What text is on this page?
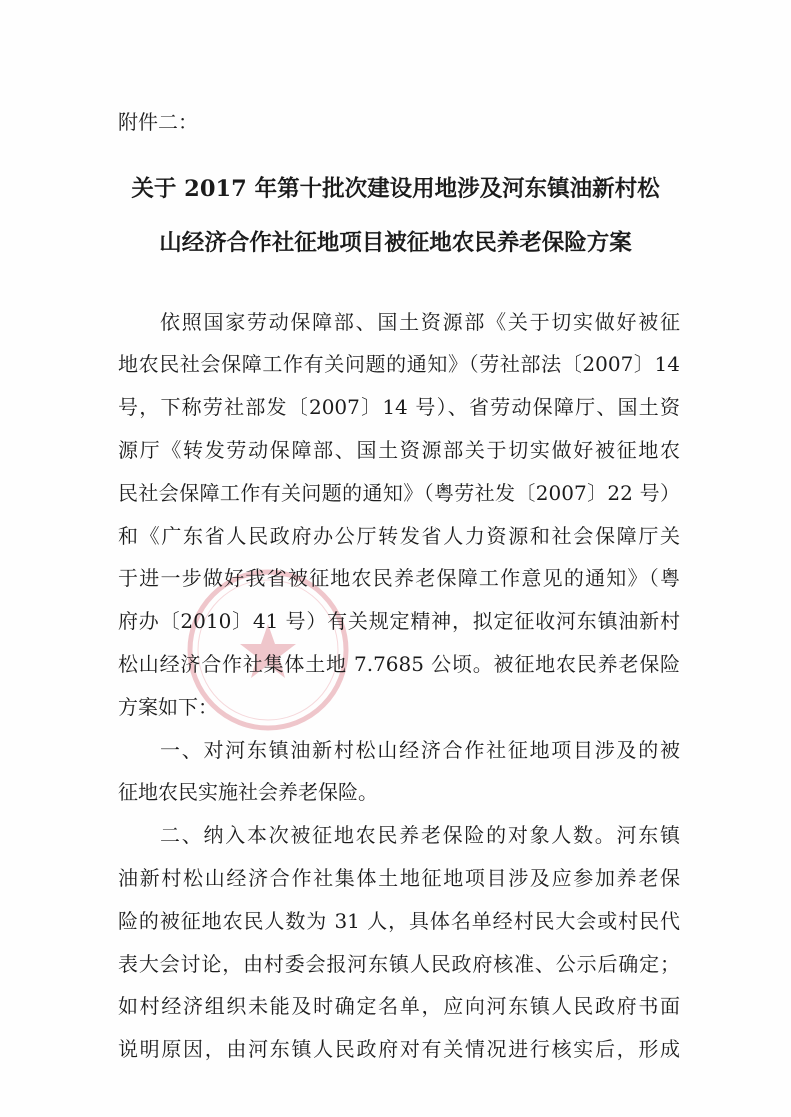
附件二：
关于 2017 年第十批次建设用地涉及河东镇油新村松
山经济合作社征地项目被征地农民养老保险方案
依照国家劳动保障部、国土资源部《关于切实做好被征
地农民社会保障工作有关问题的通知》（劳社部法〔2007〕14
号，下称劳社部发〔2007〕14 号）、省劳动保障厅、国土资
源厅《转发劳动保障部、国土资源部关于切实做好被征地农
民社会保障工作有关问题的通知》（粤劳社发〔2007〕22 号）
和《广东省人民政府办公厅转发省人力资源和社会保障厅关
于进一步做好我省被征地农民养老保障工作意见的通知》（粤
府办〔2010〕41 号）有关规定精神，拟定征收河东镇油新村
松山经济合作社集体土地 7.7685 公顷。被征地农民养老保险
方案如下：
一、对河东镇油新村松山经济合作社征地项目涉及的被
征地农民实施社会养老保险。
二、纳入本次被征地农民养老保险的对象人数。河东镇
油新村松山经济合作社集体土地征地项目涉及应参加养老保
险的被征地农民人数为 31 人，具体名单经村民大会或村民代
表大会讨论，由村委会报河东镇人民政府核准、公示后确定；
如村经济组织未能及时确定名单，应向河东镇人民政府书面
说明原因，由河东镇人民政府对有关情况进行核实后，形成
